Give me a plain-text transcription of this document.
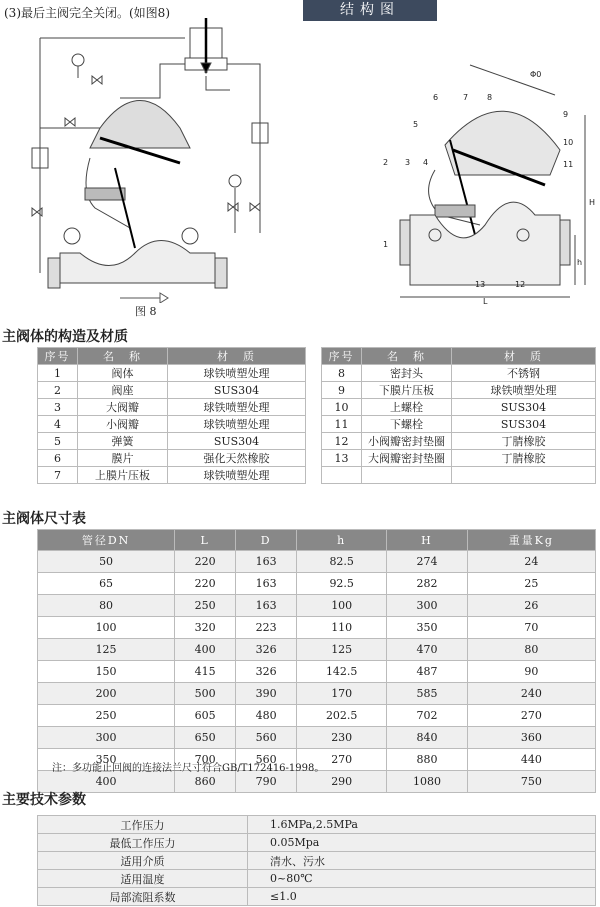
(3)最后主阀完全关闭。(如图8)	结构图
图 8
1
2 3 4
5
6	7 8
9
10
11
12
13
Φ0
H
h
L
主阀体的构造及材质
序号	名　称	材　质
1	阀体	球铁喷塑处理
2	阀座	SUS304
3	大阀瓣	球铁喷塑处理
4	小阀瓣	球铁喷塑处理
5	弹簧	SUS304
6	膜片	强化天然橡胶
7	上膜片压板	球铁喷塑处理
序号	名　称	材　质
8	密封头	不锈钢
9	下膜片压板	球铁喷塑处理
10	上螺栓	SUS304
11	下螺栓	SUS304
12	小阀瓣密封垫圈	丁腈橡胶
13	大阀瓣密封垫圈	丁腈橡胶

主阀体尺寸表
管径DN	L	D	h	H	重量Kg
50	220	163	82.5	274	24
65	220	163	92.5	282	25
80	250	163	100	300	26
100	320	223	110	350	70
125	400	326	125	470	80
150	415	326	142.5	487	90
200	500	390	170	585	240
250	605	480	202.5	702	270
300	650	560	230	840	360
350	700	560	270	880	440
400	860	790	290	1080	750
注：多功能止回阀的连接法兰尺寸符合GB/T172416-1998。
主要技术参数
工作压力	1.6MPa,2.5MPa
最低工作压力	0.05Mpa
适用介质	清水、污水
适用温度	0~80℃
局部流阻系数	≤1.0
